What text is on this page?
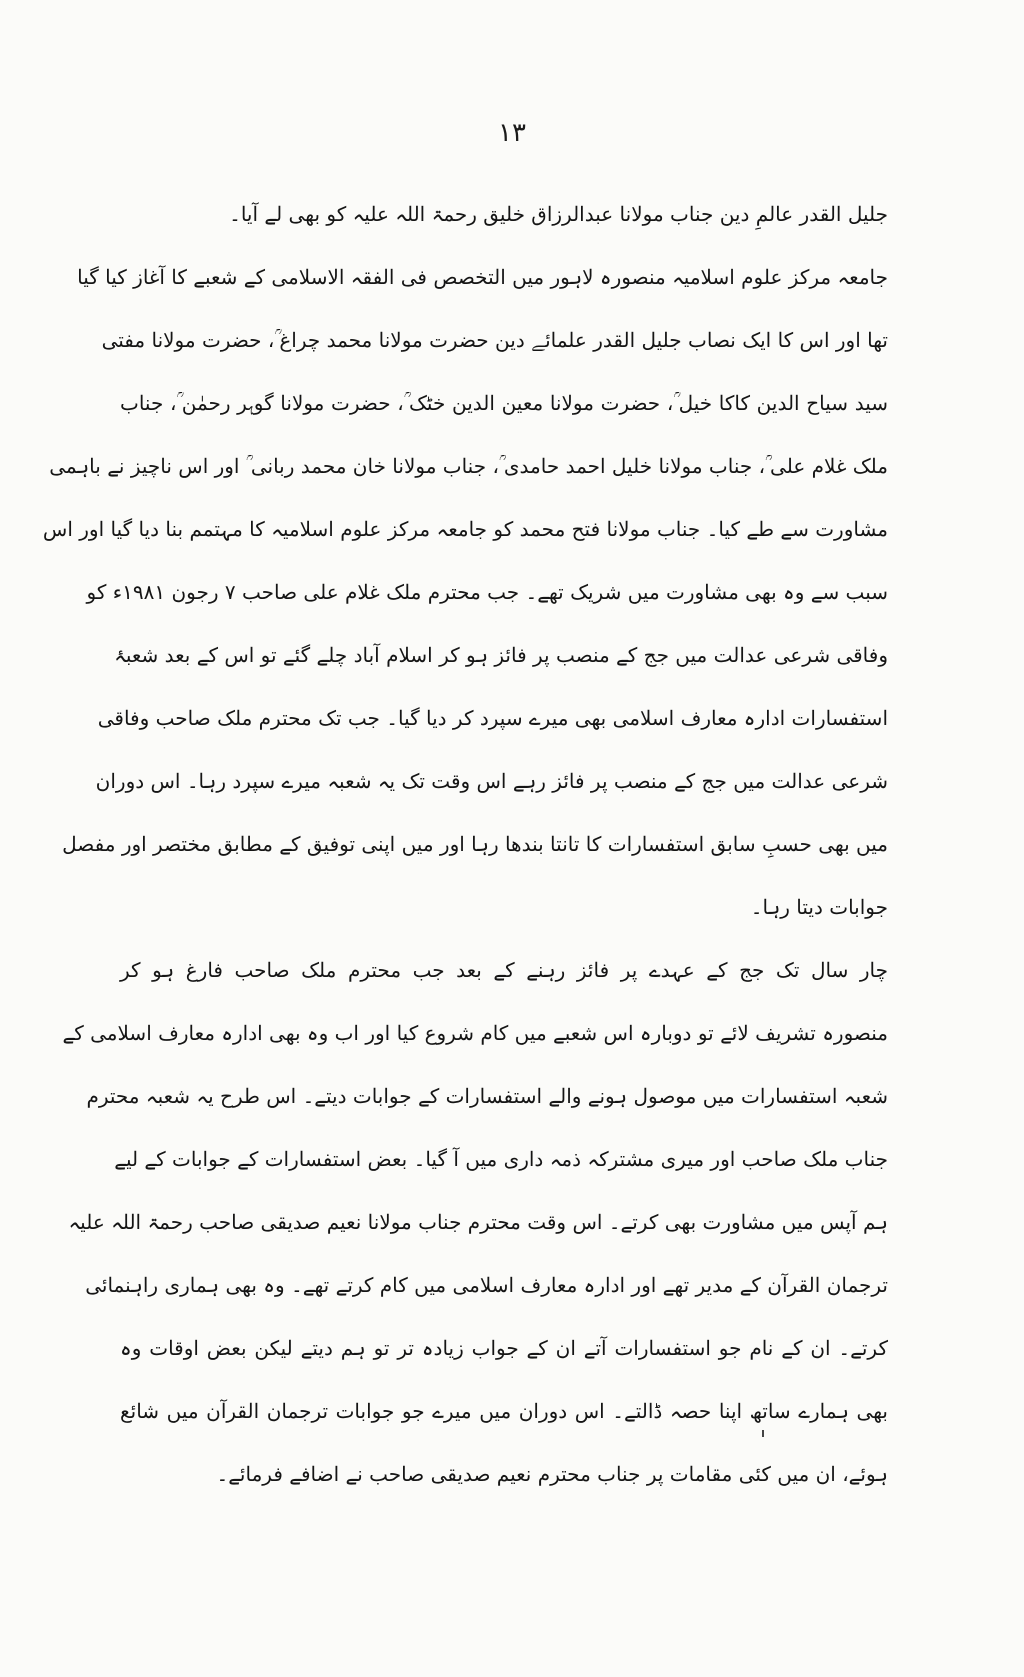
۱۳
جلیل القدر عالمِ دین جناب مولانا عبدالرزاق خلیق رحمۃ اللہ علیہ کو بھی لے آیا۔
جامعہ مرکز علوم اسلامیہ منصورہ لاہور میں التخصص فی الفقہ الاسلامی کے شعبے کا آغاز کیا گیا
تھا اور اس کا ایک نصاب جلیل القدر علمائے دین حضرت مولانا محمد چراغ ؒ، حضرت مولانا مفتی
سید سیاح الدین کاکا خیل ؒ، حضرت مولانا معین الدین خٹک ؒ، حضرت مولانا گوہر رحمٰن ؒ، جناب
ملک غلام علی ؒ، جناب مولانا خلیل احمد حامدی ؒ، جناب مولانا خان محمد ربانی ؒ اور اس ناچیز نے باہمی
مشاورت سے طے کیا۔ جناب مولانا فتح محمد کو جامعہ مرکز علوم اسلامیہ کا مہتمم بنا دیا گیا اور اس
سبب سے وہ بھی مشاورت میں شریک تھے۔ جب محترم ملک غلام علی صاحب ۷ رجون ۱۹۸۱ء کو
وفاقی شرعی عدالت میں جج کے منصب پر فائز ہو کر اسلام آباد چلے گئے تو اس کے بعد شعبۂ
استفسارات ادارہ معارف اسلامی بھی میرے سپرد کر دیا گیا۔ جب تک محترم ملک صاحب وفاقی
شرعی عدالت میں جج کے منصب پر فائز رہے اس وقت تک یہ شعبہ میرے سپرد رہا۔ اس دوران
میں بھی حسبِ سابق استفسارات کا تانتا بندھا رہا اور میں اپنی توفیق کے مطابق مختصر اور مفصل
جوابات دیتا رہا۔
چار سال تک جج کے عہدے پر فائز رہنے کے بعد جب محترم ملک صاحب فارغ ہو کر
منصورہ تشریف لائے تو دوبارہ اس شعبے میں کام شروع کیا اور اب وہ بھی ادارہ معارف اسلامی کے
شعبہ استفسارات میں موصول ہونے والے استفسارات کے جوابات دیتے۔ اس طرح یہ شعبہ محترم
جناب ملک صاحب اور میری مشترکہ ذمہ داری میں آ گیا۔ بعض استفسارات کے جوابات کے لیے
ہم آپس میں مشاورت بھی کرتے۔ اس وقت محترم جناب مولانا نعیم صدیقی صاحب رحمۃ اللہ علیہ
ترجمان القرآن کے مدیر تھے اور ادارہ معارف اسلامی میں کام کرتے تھے۔ وہ بھی ہماری راہنمائی
کرتے۔ ان کے نام جو استفسارات آتے ان کے جواب زیادہ تر تو ہم دیتے لیکن بعض اوقات وہ
بھی ہمارے ساتھ اپنا حصہ ڈالتے۔ اس دوران میں میرے جو جوابات ترجمان القرآن میں شائع
ہوئے، ان میں کئی مقامات پر جناب محترم نعیم صدیقی صاحب نے اضافے فرمائے۔
